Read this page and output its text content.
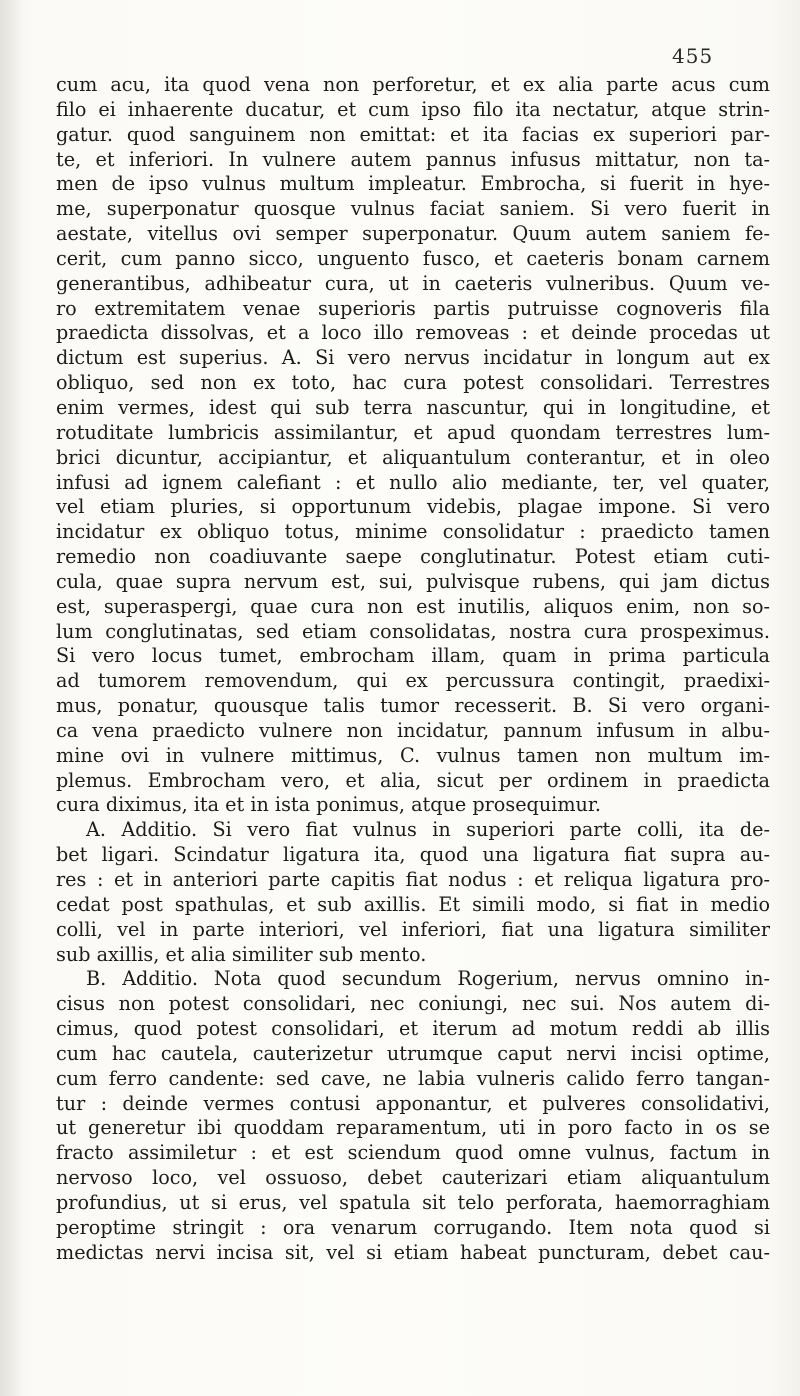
455
cum acu, ita quod vena non perforetur, et ex alia parte acus cum
filo ei inhaerente ducatur, et cum ipso filo ita nectatur, atque strin-
gatur. quod sanguinem non emittat: et ita facias ex superiori par-
te, et inferiori. In vulnere autem pannus infusus mittatur, non ta-
men de ipso vulnus multum impleatur. Embrocha, si fuerit in hye-
me, superponatur quosque vulnus faciat saniem. Si vero fuerit in
aestate, vitellus ovi semper superponatur. Quum autem saniem fe-
cerit, cum panno sicco, unguento fusco, et caeteris bonam carnem
generantibus, adhibeatur cura, ut in caeteris vulneribus. Quum ve-
ro extremitatem venae superioris partis putruisse cognoveris fila
praedicta dissolvas, et a loco illo removeas : et deinde procedas ut
dictum est superius. A. Si vero nervus incidatur in longum aut ex
obliquo, sed non ex toto, hac cura potest consolidari. Terrestres
enim vermes, idest qui sub terra nascuntur, qui in longitudine, et
rotuditate lumbricis assimilantur, et apud quondam terrestres lum-
brici dicuntur, accipiantur, et aliquantulum conterantur, et in oleo
infusi ad ignem calefiant : et nullo alio mediante, ter, vel quater,
vel etiam pluries, si opportunum videbis, plagae impone. Si vero
incidatur ex obliquo totus, minime consolidatur : praedicto tamen
remedio non coadiuvante saepe conglutinatur. Potest etiam cuti-
cula, quae supra nervum est, sui, pulvisque rubens, qui jam dictus
est, superaspergi, quae cura non est inutilis, aliquos enim, non so-
lum conglutinatas, sed etiam consolidatas, nostra cura prospeximus.
Si vero locus tumet, embrocham illam, quam in prima particula
ad tumorem removendum, qui ex percussura contingit, praedixi-
mus, ponatur, quousque talis tumor recesserit. B. Si vero organi-
ca vena praedicto vulnere non incidatur, pannum infusum in albu-
mine ovi in vulnere mittimus, C. vulnus tamen non multum im-
plemus. Embrocham vero, et alia, sicut per ordinem in praedicta
cura diximus, ita et in ista ponimus, atque prosequimur.
A. Additio. Si vero fiat vulnus in superiori parte colli, ita de-
bet ligari. Scindatur ligatura ita, quod una ligatura fiat supra au-
res : et in anteriori parte capitis fiat nodus : et reliqua ligatura pro-
cedat post spathulas, et sub axillis. Et simili modo, si fiat in medio
colli, vel in parte interiori, vel inferiori, fiat una ligatura similiter
sub axillis, et alia similiter sub mento.
B. Additio. Nota quod secundum Rogerium, nervus omnino in-
cisus non potest consolidari, nec coniungi, nec sui. Nos autem di-
cimus, quod potest consolidari, et iterum ad motum reddi ab illis
cum hac cautela, cauterizetur utrumque caput nervi incisi optime,
cum ferro candente: sed cave, ne labia vulneris calido ferro tangan-
tur : deinde vermes contusi apponantur, et pulveres consolidativi,
ut generetur ibi quoddam reparamentum, uti in poro facto in os se
fracto assimiletur : et est sciendum quod omne vulnus, factum in
nervoso loco, vel ossuoso, debet cauterizari etiam aliquantulum
profundius, ut si erus, vel spatula sit telo perforata, haemorraghiam
peroptime stringit : ora venarum corrugando. Item nota quod si
medictas nervi incisa sit, vel si etiam habeat puncturam, debet cau-
